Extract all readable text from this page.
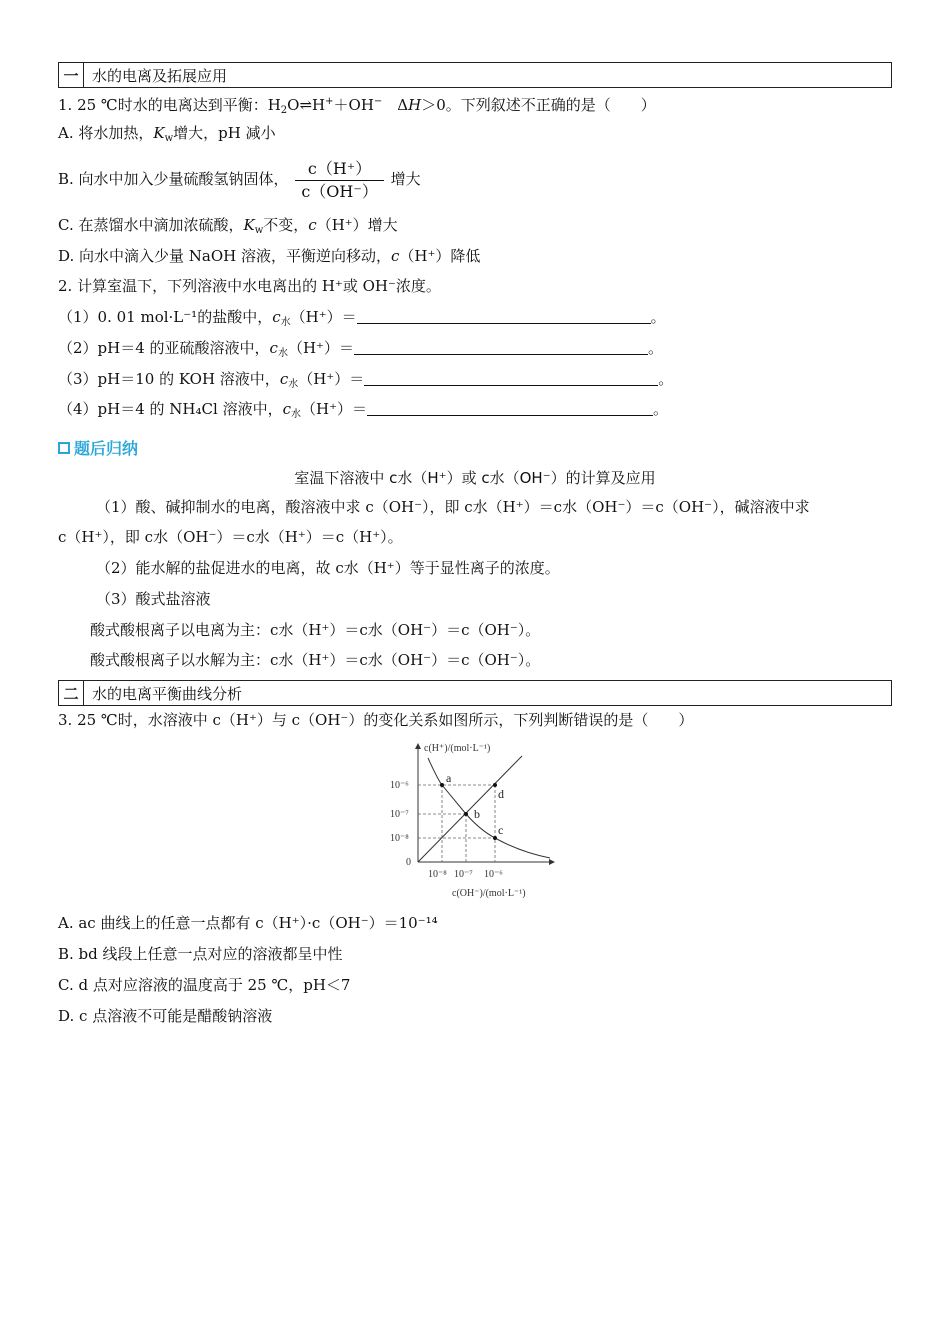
一 水的电离及拓展应用
1. 25 ℃时水的电离达到平衡：$H_2O\rightleftharpoons H^++OH^-$　ΔH＞0。下列叙述不正确的是（　　）
A. 将水加热，$K_w$增大，pH 减小
B. 向水中加入少量硫酸氢钠固体， $\frac{c(H^+)}{c(OH^-)}$ 增大
C. 在蒸馏水中滴加浓硫酸，$K_w$不变，c（H⁺）增大
D. 向水中滴入少量 NaOH 溶液，平衡逆向移动，c（H⁺）降低
2. 计算室温下，下列溶液中水电离出的 H⁺或 OH⁻浓度。
（1）0. 01 mol·L⁻¹的盐酸中，$c_水(H^+)=$	。
（2）pH＝4 的亚硫酸溶液中，$c_水(H^+)=$	。
（3）pH＝10 的 KOH 溶液中，$c_水(H^+)=$	。
（4）pH＝4 的 NH₄Cl 溶液中，$c_水(H^+)=$	。
题后归纳
室温下溶液中 c水（H⁺）或 c水（OH⁻）的计算及应用
（1）酸、碱抑制水的电离，酸溶液中求 c（OH⁻），即 c水（H⁺）＝c水（OH⁻）＝c（OH⁻），碱溶液中求
c（H⁺），即 c水（OH⁻）＝c水（H⁺）＝c（H⁺）。
（2）能水解的盐促进水的电离，故 c水（H⁺）等于显性离子的浓度。
（3）酸式盐溶液
酸式酸根离子以电离为主：c水（H⁺）＝c水（OH⁻）＝c（OH⁻）。
酸式酸根离子以水解为主：c水（H⁺）＝c水（OH⁻）＝c（OH⁻）。
二 水的电离平衡曲线分析
3. 25 ℃时，水溶液中 c（H⁺）与 c（OH⁻）的变化关系如图所示，下列判断错误的是（　　）
a
b
c
d
c(H⁺)/(mol·L⁻¹)
10⁻⁶
10⁻⁷
10⁻⁸
0
10⁻⁸ 10⁻⁷ 10⁻⁶
c(OH⁻)/(mol·L⁻¹)
A. ac 曲线上的任意一点都有 c（H⁺）·c（OH⁻）＝10⁻¹⁴
B. bd 线段上任意一点对应的溶液都呈中性
C. d 点对应溶液的温度高于 25 ℃，pH＜7
D. c 点溶液不可能是醋酸钠溶液
